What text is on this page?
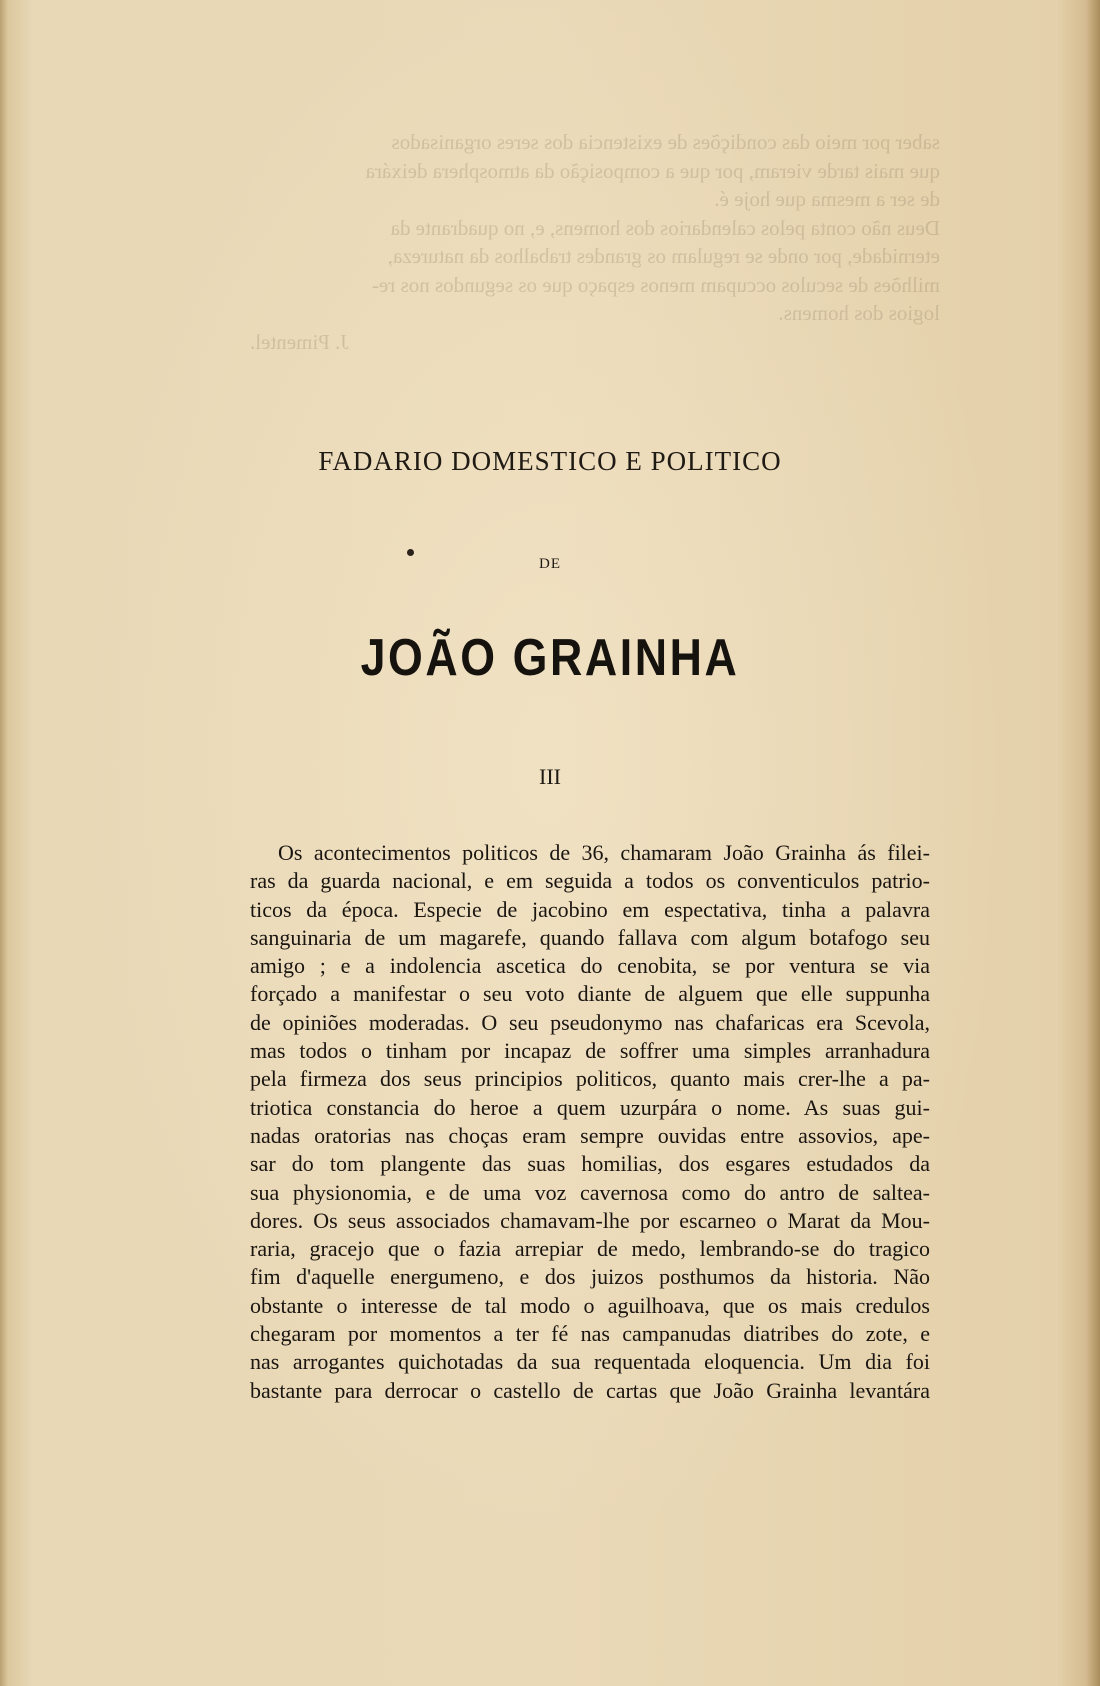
saber por meio das condições de existencia dos seres organisados
que mais tarde vieram, por que a composição da atmosphera deixára
de ser a mesma que hoje é.
Deus não conta pelos calendarios dos homens, e, no quadrante da
eternidade, por onde se regulam os grandes trabalhos da natureza,
milhões de seculos occupam menos espaço que os segundos nos re-
logios dos homens.
J. Pimentel.
FADARIO DOMESTICO E POLITICO
DE
JOÃO GRAINHA
III
Os acontecimentos politicos de 36, chamaram João Grainha ás filei-
ras da guarda nacional, e em seguida a todos os conventiculos patrio-
ticos da época. Especie de jacobino em espectativa, tinha a palavra
sanguinaria de um magarefe, quando fallava com algum botafogo seu
amigo ; e a indolencia ascetica do cenobita, se por ventura se via
forçado a manifestar o seu voto diante de alguem que elle suppunha
de opiniões moderadas. O seu pseudonymo nas chafaricas era Scevola,
mas todos o tinham por incapaz de soffrer uma simples arranhadura
pela firmeza dos seus principios politicos, quanto mais crer-lhe a pa-
triotica constancia do heroe a quem uzurpára o nome. As suas gui-
nadas oratorias nas choças eram sempre ouvidas entre assovios, ape-
sar do tom plangente das suas homilias, dos esgares estudados da
sua physionomia, e de uma voz cavernosa como do antro de saltea-
dores. Os seus associados chamavam-lhe por escarneo o Marat da Mou-
raria, gracejo que o fazia arrepiar de medo, lembrando-se do tragico
fim d'aquelle energumeno, e dos juizos posthumos da historia. Não
obstante o interesse de tal modo o aguilhoava, que os mais credulos
chegaram por momentos a ter fé nas campanudas diatribes do zote, e
nas arrogantes quichotadas da sua requentada eloquencia. Um dia foi
bastante para derrocar o castello de cartas que João Grainha levantára
